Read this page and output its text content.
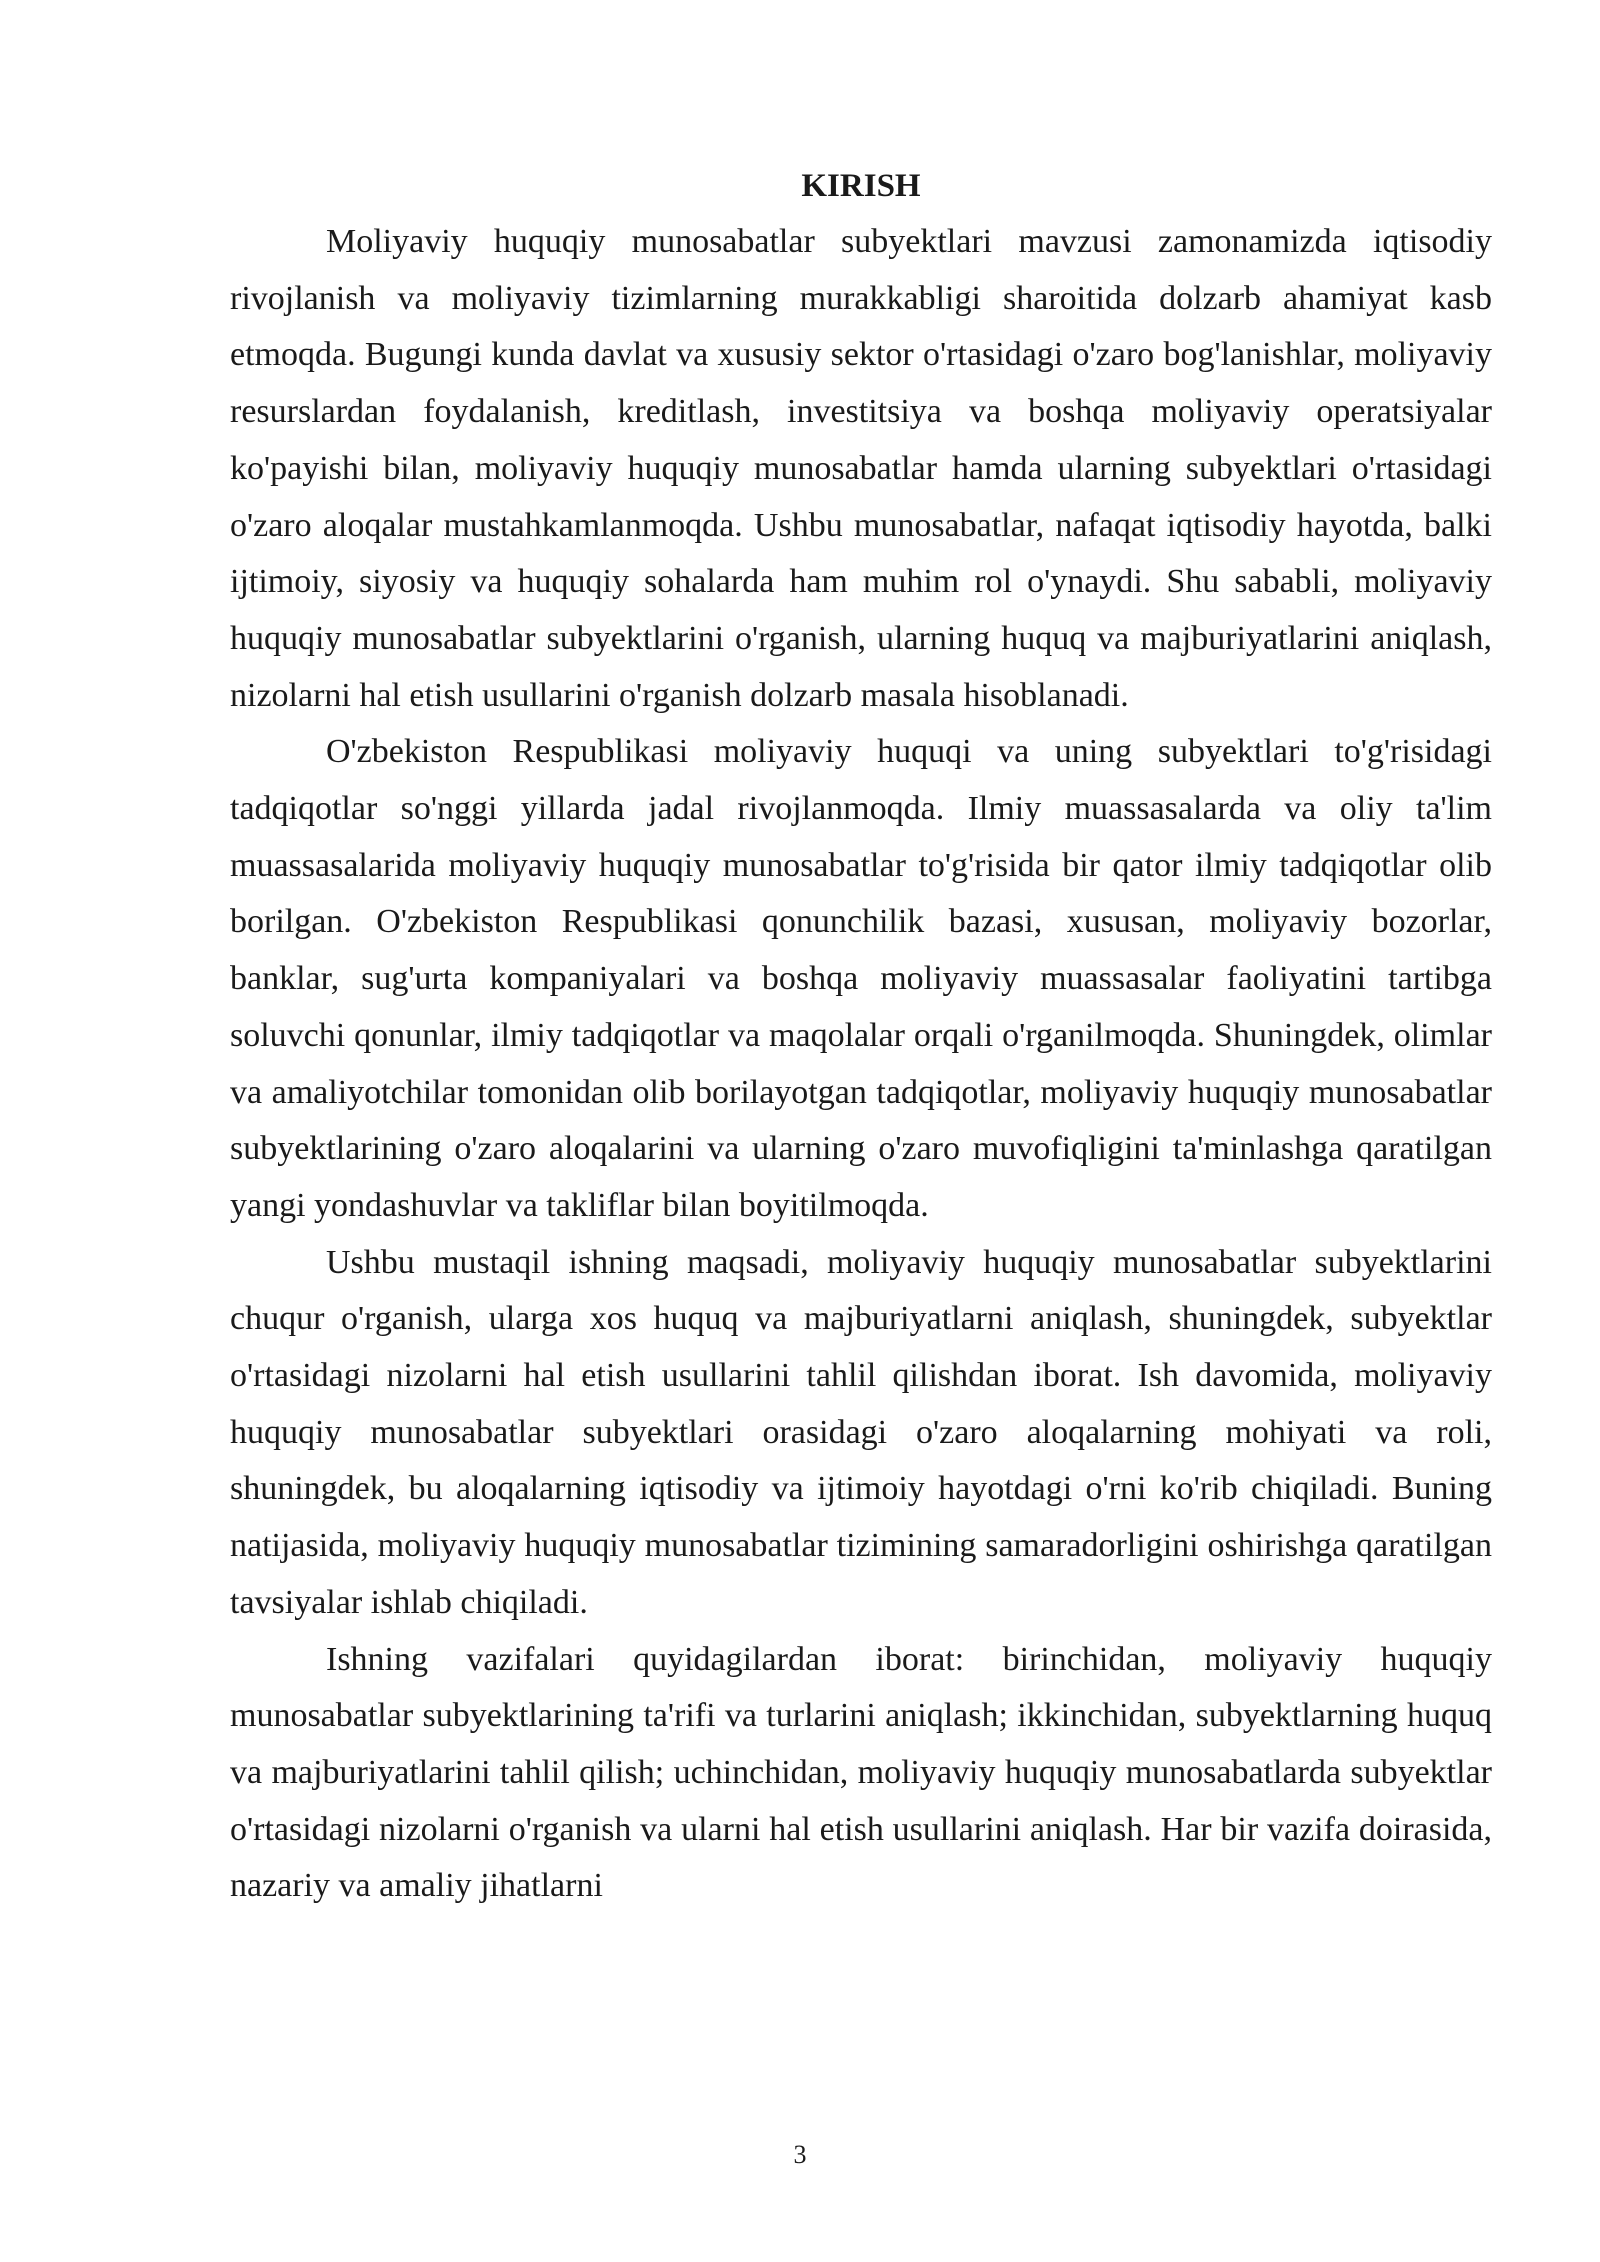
KIRISH

Moliyaviy huquqiy munosabatlar subyektlari mavzusi zamonamizda iqtisodiy rivojlanish va moliyaviy tizimlarning murakkabligi sharoitida dolzarb ahamiyat kasb etmoqda. Bugungi kunda davlat va xususiy sektor o'rtasidagi o'zaro bog'lanishlar, moliyaviy resurslardan foydalanish, kreditlash, investitsiya va boshqa moliyaviy operatsiyalar ko'payishi bilan, moliyaviy huquqiy munosabatlar hamda ularning subyektlari o'rtasidagi o'zaro aloqalar mustahkamlanmoqda. Ushbu munosabatlar, nafaqat iqtisodiy hayotda, balki ijtimoiy, siyosiy va huquqiy sohalarda ham muhim rol o'ynaydi. Shu sababli, moliyaviy huquqiy munosabatlar subyektlarini o'rganish, ularning huquq va majburiyatlarini aniqlash, nizolarni hal etish usullarini o'rganish dolzarb masala hisoblanadi.

O'zbekiston Respublikasi moliyaviy huquqi va uning subyektlari to'g'risidagi tadqiqotlar so'nggi yillarda jadal rivojlanmoqda. Ilmiy muassasalarda va oliy ta'lim muassasalarida moliyaviy huquqiy munosabatlar to'g'risida bir qator ilmiy tadqiqotlar olib borilgan. O'zbekiston Respublikasi qonunchilik bazasi, xususan, moliyaviy bozorlar, banklar, sug'urta kompaniyalari va boshqa moliyaviy muassasalar faoliyatini tartibga soluvchi qonunlar, ilmiy tadqiqotlar va maqolalar orqali o'rganilmoqda. Shuningdek, olimlar va amaliyotchilar tomonidan olib borilayotgan tadqiqotlar, moliyaviy huquqiy munosabatlar subyektlarining o'zaro aloqalarini va ularning o'zaro muvofiqligini ta'minlashga qaratilgan yangi yondashuvlar va takliflar bilan boyitilmoqda.

Ushbu mustaqil ishning maqsadi, moliyaviy huquqiy munosabatlar subyektlarini chuqur o'rganish, ularga xos huquq va majburiyatlarni aniqlash, shuningdek, subyektlar o'rtasidagi nizolarni hal etish usullarini tahlil qilishdan iborat. Ish davomida, moliyaviy huquqiy munosabatlar subyektlari orasidagi o'zaro aloqalarning mohiyati va roli, shuningdek, bu aloqalarning iqtisodiy va ijtimoiy hayotdagi o'rni ko'rib chiqiladi. Buning natijasida, moliyaviy huquqiy munosabatlar tizimining samaradorligini oshirishga qaratilgan tavsiyalar ishlab chiqiladi.

Ishning vazifalari quyidagilardan iborat: birinchidan, moliyaviy huquqiy munosabatlar subyektlarining ta'rifi va turlarini aniqlash; ikkinchidan, subyektlarning huquq va majburiyatlarini tahlil qilish; uchinchidan, moliyaviy huquqiy munosabatlarda subyektlar o'rtasidagi nizolarni o'rganish va ularni hal etish usullarini aniqlash. Har bir vazifa doirasida, nazariy va amaliy jihatlarni

3
